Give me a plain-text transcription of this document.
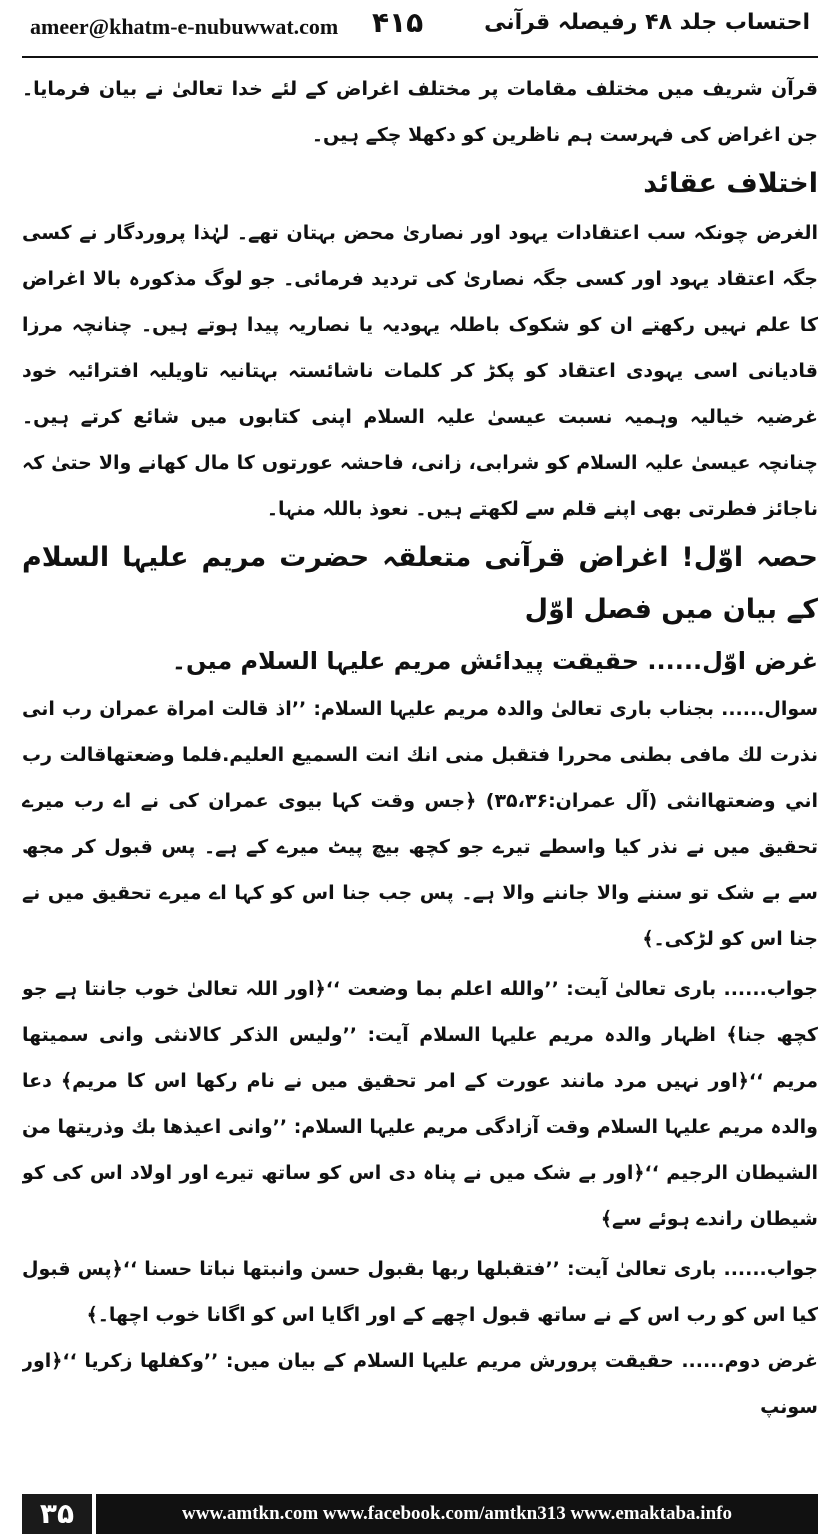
ameer@khatm-e-nubuwwat.com ۴۱۵	احتساب جلد ۴۸ رفیصلہ قرآنی

قرآن شریف میں مختلف مقامات پر مختلف اغراض کے لئے خدا تعالیٰ نے بیان فرمایا۔ جن اغراض کی فہرست ہم ناظرین کو دکھلا چکے ہیں۔

اختلاف عقائد

الغرض چونکہ سب اعتقادات یہود اور نصاریٰ محض بہتان تھے۔ لہٰذا پروردگار نے کسی جگہ اعتقاد یہود اور کسی جگہ نصاریٰ کی تردید فرمائی۔ جو لوگ مذکورہ بالا اغراض کا علم نہیں رکھتے ان کو شکوک باطلہ یہودیہ یا نصاریہ پیدا ہوتے ہیں۔ چنانچہ مرزا قادیانی اسی یہودی اعتقاد کو پکڑ کر کلمات ناشائستہ بہتانیہ تاویلیہ افترائیہ خود غرضیہ خیالیہ وہمیہ نسبت عیسیٰ علیہ السلام اپنی کتابوں میں شائع کرتے ہیں۔ چنانچہ عیسیٰ علیہ السلام کو شرابی، زانی، فاحشہ عورتوں کا مال کھانے والا حتیٰ کہ ناجائز فطرتی بھی اپنے قلم سے لکھتے ہیں۔ نعوذ باللہ منہا۔

حصہ اوّل! اغراض قرآنی متعلقہ حضرت مریم علیہا السلام کے بیان میں فصل اوّل
غرض اوّل...... حقیقت پیدائش مریم علیہا السلام میں۔

سوال...... بجناب باری تعالیٰ والدہ مریم علیہا السلام: ’’اذ قالت امراة عمران رب انی نذرت لك مافی بطنی محررا فتقبل منی انك انت السميع العليم.فلما وضعتهاقالت رب اني وضعتهاانثى (آل عمران:۳۵،۳۶) ﴿جس وقت کہا بیوی عمران کی نے اے رب میرے تحقیق میں نے نذر کیا واسطے تیرے جو کچھ بیچ پیٹ میرے کے ہے۔ پس قبول کر مجھ سے بے شک تو سننے والا جاننے والا ہے۔ پس جب جنا اس کو کہا اے میرے تحقیق میں نے جنا اس کو لڑکی۔﴾

جواب...... باری تعالیٰ آیت: ’’والله اعلم بما وضعت ‘‘﴿اور اللہ تعالیٰ خوب جانتا ہے جو کچھ جنا﴾ اظہار والدہ مریم علیہا السلام آیت: ’’وليس الذكر كالانثى وانی سميتها مريم ‘‘﴿اور نہیں مرد مانند عورت کے امر تحقیق میں نے نام رکھا اس کا مریم﴾ دعا والدہ مریم علیہا السلام وقت آزادگی مریم علیہا السلام: ’’وانی اعیذها بك وذريتها من الشيطان الرجيم ‘‘﴿اور بے شک میں نے پناہ دی اس کو ساتھ تیرے اور اولاد اس کی کو شیطان راندے ہوئے سے﴾

جواب...... باری تعالیٰ آیت: ’’فتقبلها ربها بقبول حسن وانبتها نباتا حسنا ‘‘﴿پس قبول کیا اس کو رب اس کے نے ساتھ قبول اچھے کے اور اگایا اس کو اگانا خوب اچھا۔﴾

غرض دوم...... حقیقت پرورش مریم علیہا السلام کے بیان میں: ’’وكفلها زكريا ‘‘﴿اور سونپ

۳۵	www.amtkn.com www.facebook.com/amtkn313 www.emaktaba.info
